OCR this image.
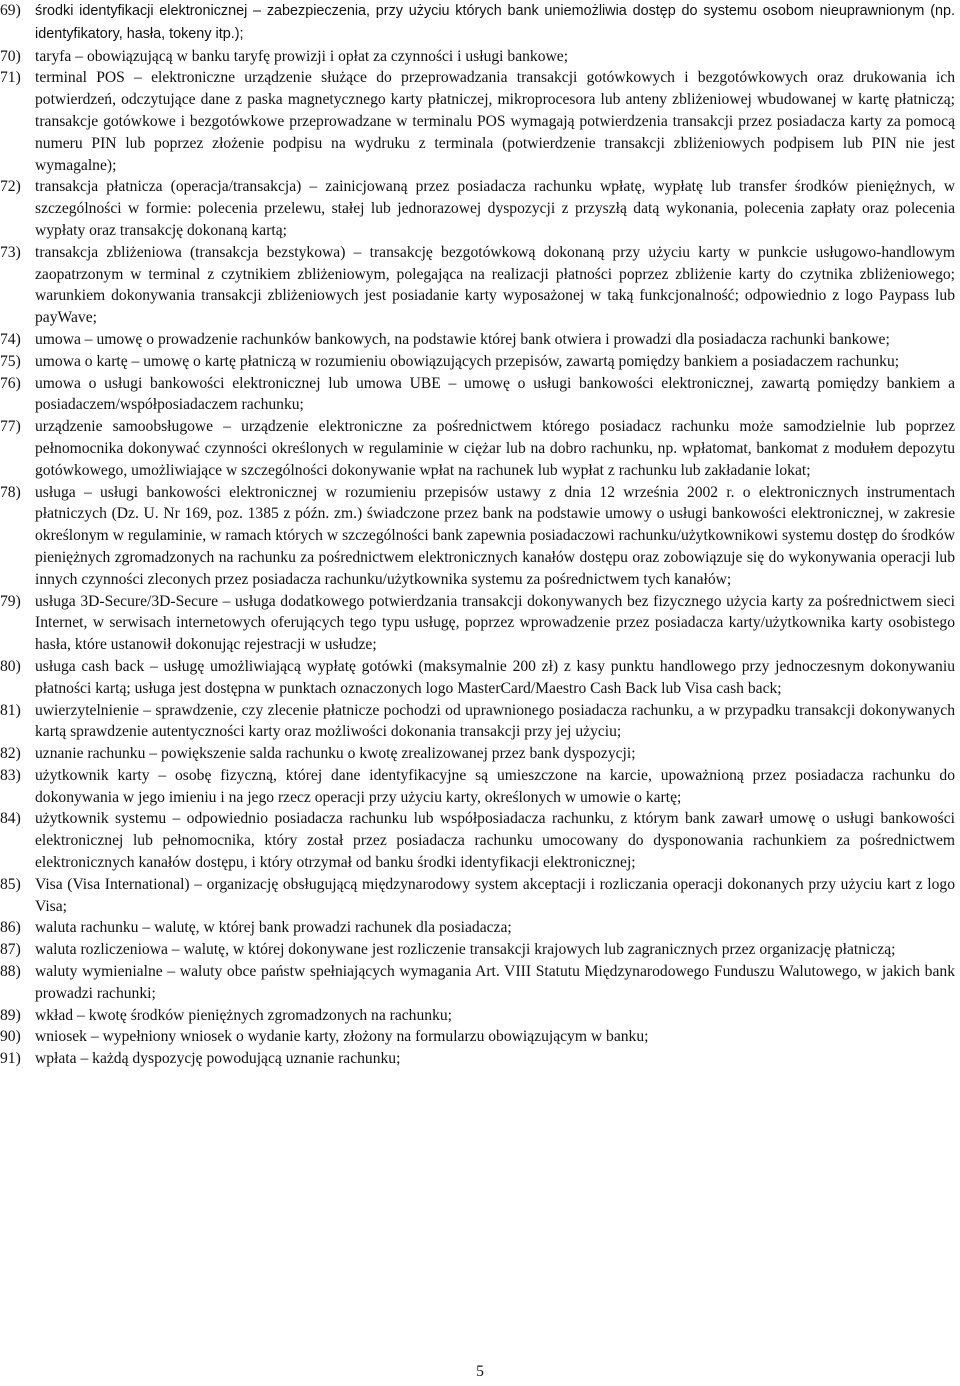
69) środki identyfikacji elektronicznej – zabezpieczenia, przy użyciu których bank uniemożliwia dostęp do systemu osobom nieuprawnionym (np. identyfikatory, hasła, tokeny itp.);
70) taryfa – obowiązującą w banku taryfę prowizji i opłat za czynności i usługi bankowe;
71) terminal POS – elektroniczne urządzenie służące do przeprowadzania transakcji gotówkowych i bezgotówkowych oraz drukowania ich potwierdzeń, odczytujące dane z paska magnetycznego karty płatniczej, mikroprocesora lub anteny zbliżeniowej wbudowanej w kartę płatniczą; transakcje gotówkowe i bezgotówkowe przeprowadzane w terminalu POS wymagają potwierdzenia transakcji przez posiadacza karty za pomocą numeru PIN lub poprzez złożenie podpisu na wydruku z terminala (potwierdzenie transakcji zbliżeniowych podpisem lub PIN nie jest wymagalne);
72) transakcja płatnicza (operacja/transakcja) – zainicjowaną przez posiadacza rachunku wpłatę, wypłatę lub transfer środków pieniężnych, w szczególności w formie: polecenia przelewu, stałej lub jednorazowej dyspozycji z przyszłą datą wykonania, polecenia zapłaty oraz polecenia wypłaty oraz transakcję dokonaną kartą;
73) transakcja zbliżeniowa (transakcja bezstykowa) – transakcję bezgotówkową dokonaną przy użyciu karty w punkcie usługowo-handlowym zaopatrzonym w terminal z czytnikiem zbliżeniowym, polegająca na realizacji płatności poprzez zbliżenie karty do czytnika zbliżeniowego; warunkiem dokonywania transakcji zbliżeniowych jest posiadanie karty wyposażonej w taką funkcjonalność; odpowiednio z logo Paypass lub payWave;
74) umowa – umowę o prowadzenie rachunków bankowych, na podstawie której bank otwiera i prowadzi dla posiadacza rachunki bankowe;
75) umowa o kartę – umowę o kartę płatniczą w rozumieniu obowiązujących przepisów, zawartą pomiędzy bankiem a posiadaczem rachunku;
76) umowa o usługi bankowości elektronicznej lub umowa UBE – umowę o usługi bankowości elektronicznej, zawartą pomiędzy bankiem a posiadaczem/współposiadaczem rachunku;
77) urządzenie samoobsługowe – urządzenie elektroniczne za pośrednictwem którego posiadacz rachunku może samodzielnie lub poprzez pełnomocnika dokonywać czynności określonych w regulaminie w ciężar lub na dobro rachunku, np. wpłatomat, bankomat z modułem depozytu gotówkowego, umożliwiające w szczególności dokonywanie wpłat na rachunek lub wypłat z rachunku lub zakładanie lokat;
78) usługa – usługi bankowości elektronicznej w rozumieniu przepisów ustawy z dnia 12 września 2002 r. o elektronicznych instrumentach płatniczych (Dz. U. Nr 169, poz. 1385 z późn. zm.) świadczone przez bank na podstawie umowy o usługi bankowości elektronicznej, w zakresie określonym w regulaminie, w ramach których w szczególności bank zapewnia posiadaczowi rachunku/użytkownikowi systemu dostęp do środków pieniężnych zgromadzonych na rachunku za pośrednictwem elektronicznych kanałów dostępu oraz zobowiązuje się do wykonywania operacji lub innych czynności zleconych przez posiadacza rachunku/użytkownika systemu za pośrednictwem tych kanałów;
79) usługa 3D-Secure/3D-Secure – usługa dodatkowego potwierdzania transakcji dokonywanych bez fizycznego użycia karty za pośrednictwem sieci Internet, w serwisach internetowych oferujących tego typu usługę, poprzez wprowadzenie przez posiadacza karty/użytkownika karty osobistego hasła, które ustanowił dokonując rejestracji w usłudze;
80) usługa cash back – usługę umożliwiającą wypłatę gotówki (maksymalnie 200 zł) z kasy punktu handlowego przy jednoczesnym dokonywaniu płatności kartą; usługa jest dostępna w punktach oznaczonych logo MasterCard/Maestro Cash Back lub Visa cash back;
81) uwierzytelnienie – sprawdzenie, czy zlecenie płatnicze pochodzi od uprawnionego posiadacza rachunku, a w przypadku transakcji dokonywanych kartą sprawdzenie autentyczności karty oraz możliwości dokonania transakcji przy jej użyciu;
82) uznanie rachunku – powiększenie salda rachunku o kwotę zrealizowanej przez bank dyspozycji;
83) użytkownik karty – osobę fizyczną, której dane identyfikacyjne są umieszczone na karcie, upoważnioną przez posiadacza rachunku do dokonywania w jego imieniu i na jego rzecz operacji przy użyciu karty, określonych w umowie o kartę;
84) użytkownik systemu – odpowiednio posiadacza rachunku lub współposiadacza rachunku, z którym bank zawarł umowę o usługi bankowości elektronicznej lub pełnomocnika, który został przez posiadacza rachunku umocowany do dysponowania rachunkiem za pośrednictwem elektronicznych kanałów dostępu, i który otrzymał od banku środki identyfikacji elektronicznej;
85) Visa (Visa International) – organizację obsługującą międzynarodowy system akceptacji i rozliczania operacji dokonanych przy użyciu kart z logo Visa;
86) waluta rachunku – walutę, w której bank prowadzi rachunek dla posiadacza;
87) waluta rozliczeniowa – walutę, w której dokonywane jest rozliczenie transakcji krajowych lub zagranicznych przez organizację płatniczą;
88) waluty wymienialne – waluty obce państw spełniających wymagania Art. VIII Statutu Międzynarodowego Funduszu Walutowego, w jakich bank prowadzi rachunki;
89) wkład – kwotę środków pieniężnych zgromadzonych na rachunku;
90) wniosek – wypełniony wniosek o wydanie karty, złożony na formularzu obowiązującym w banku;
91) wpłata – każdą dyspozycję powodującą uznanie rachunku;
5
